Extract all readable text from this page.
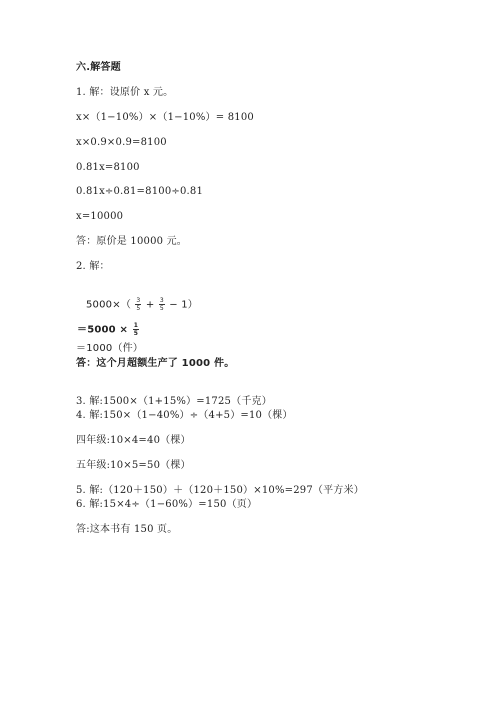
六.解答题
1. 解：设原价 x 元。
x×（1−10%）×（1−10%）= 8100
x×0.9×0.9=8100
0.81x=8100
0.81x÷0.81=8100÷0.81
x=10000
答：原价是 10000 元。
2. 解：
$5000\times( \frac{3}{5} + \frac{3}{5} - 1)$
$=5000 \times \frac{1}{5}$
＝1000（件）
答：这个月超额生产了 1000 件。
3. 解:1500×（1+15%）=1725（千克）
4. 解:150×（1−40%）÷（4+5）=10（棵）
四年级:10×4=40（棵）
五年级:10×5=50（棵）
5. 解:（120＋150）＋（120＋150）×10%=297（平方米）
6. 解:15×4÷（1−60%）=150（页）
答:这本书有 150 页。
